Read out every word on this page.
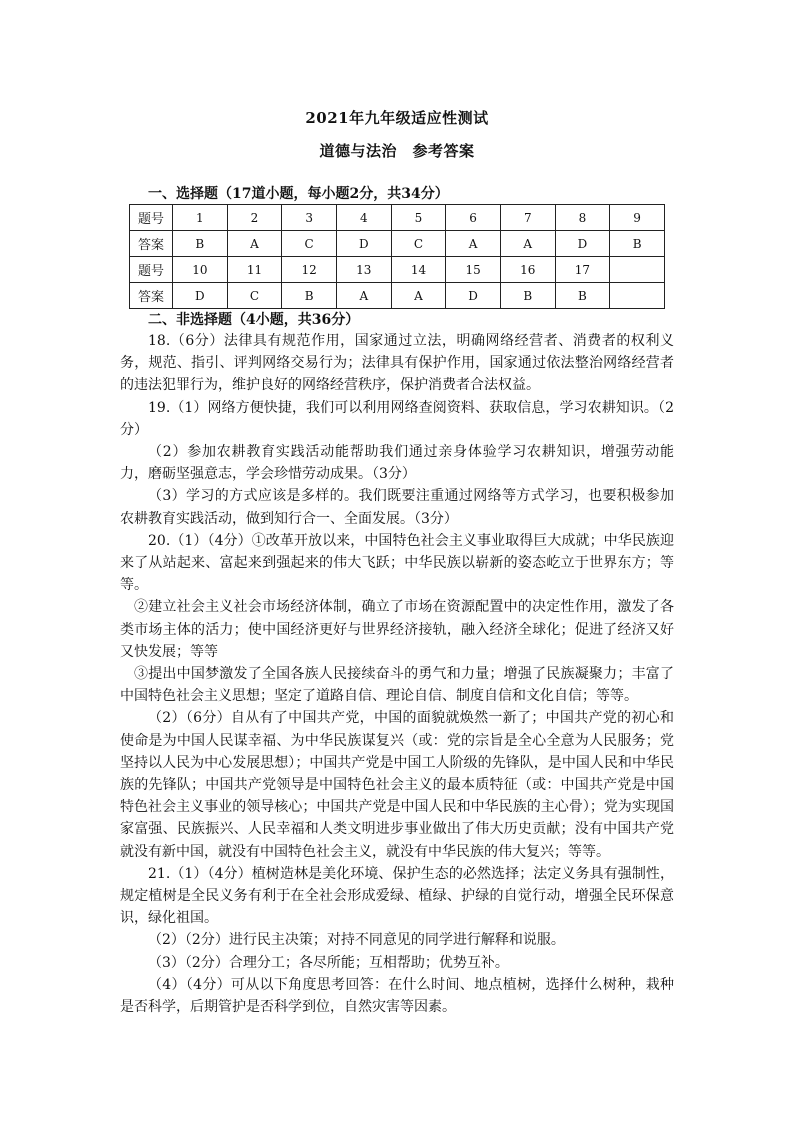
2021年九年级适应性测试
道德与法治　参考答案
一、选择题（17道小题，每小题2分，共34分）
题号	1	2	3	4	5	6	7	8	9
答案	B	A	C	D	C	A	A	D	B
题号	10	11	12	13	14	15	16	17	
答案	D	C	B	A	A	D	B	B	
二、非选择题（4小题，共36分）

18.（6分）法律具有规范作用，国家通过立法，明确网络经营者、消费者的权利义务，规范、指引、评判网络交易行为；法律具有保护作用，国家通过依法整治网络经营者的违法犯罪行为，维护良好的网络经营秩序，保护消费者合法权益。

19.（1）网络方便快捷，我们可以利用网络查阅资料、获取信息，学习农耕知识。（2分）

（2）参加农耕教育实践活动能帮助我们通过亲身体验学习农耕知识，增强劳动能力，磨砺坚强意志，学会珍惜劳动成果。（3分）

（3）学习的方式应该是多样的。我们既要注重通过网络等方式学习，也要积极参加农耕教育实践活动，做到知行合一、全面发展。（3分）

20.（1）（4分）①改革开放以来，中国特色社会主义事业取得巨大成就；中华民族迎来了从站起来、富起来到强起来的伟大飞跃；中华民族以崭新的姿态屹立于世界东方；等等。

②建立社会主义社会市场经济体制，确立了市场在资源配置中的决定性作用，激发了各类市场主体的活力；使中国经济更好与世界经济接轨，融入经济全球化；促进了经济又好又快发展；等等

③提出中国梦激发了全国各族人民接续奋斗的勇气和力量；增强了民族凝聚力；丰富了中国特色社会主义思想；坚定了道路自信、理论自信、制度自信和文化自信；等等。

（2）（6分）自从有了中国共产党，中国的面貌就焕然一新了；中国共产党的初心和使命是为中国人民谋幸福、为中华民族谋复兴（或：党的宗旨是全心全意为人民服务；党坚持以人民为中心发展思想）；中国共产党是中国工人阶级的先锋队，是中国人民和中华民族的先锋队；中国共产党领导是中国特色社会主义的最本质特征（或：中国共产党是中国特色社会主义事业的领导核心；中国共产党是中国人民和中华民族的主心骨）；党为实现国家富强、民族振兴、人民幸福和人类文明进步事业做出了伟大历史贡献；没有中国共产党就没有新中国，就没有中国特色社会主义，就没有中华民族的伟大复兴；等等。

21.（1）（4分）植树造林是美化环境、保护生态的必然选择；法定义务具有强制性，规定植树是全民义务有利于在全社会形成爱绿、植绿、护绿的自觉行动，增强全民环保意识，绿化祖国。

（2）（2分）进行民主决策；对持不同意见的同学进行解释和说服。

（3）（2分）合理分工；各尽所能；互相帮助；优势互补。

（4）（4分）可从以下角度思考回答：在什么时间、地点植树，选择什么树种，栽种是否科学，后期管护是否科学到位，自然灾害等因素。
